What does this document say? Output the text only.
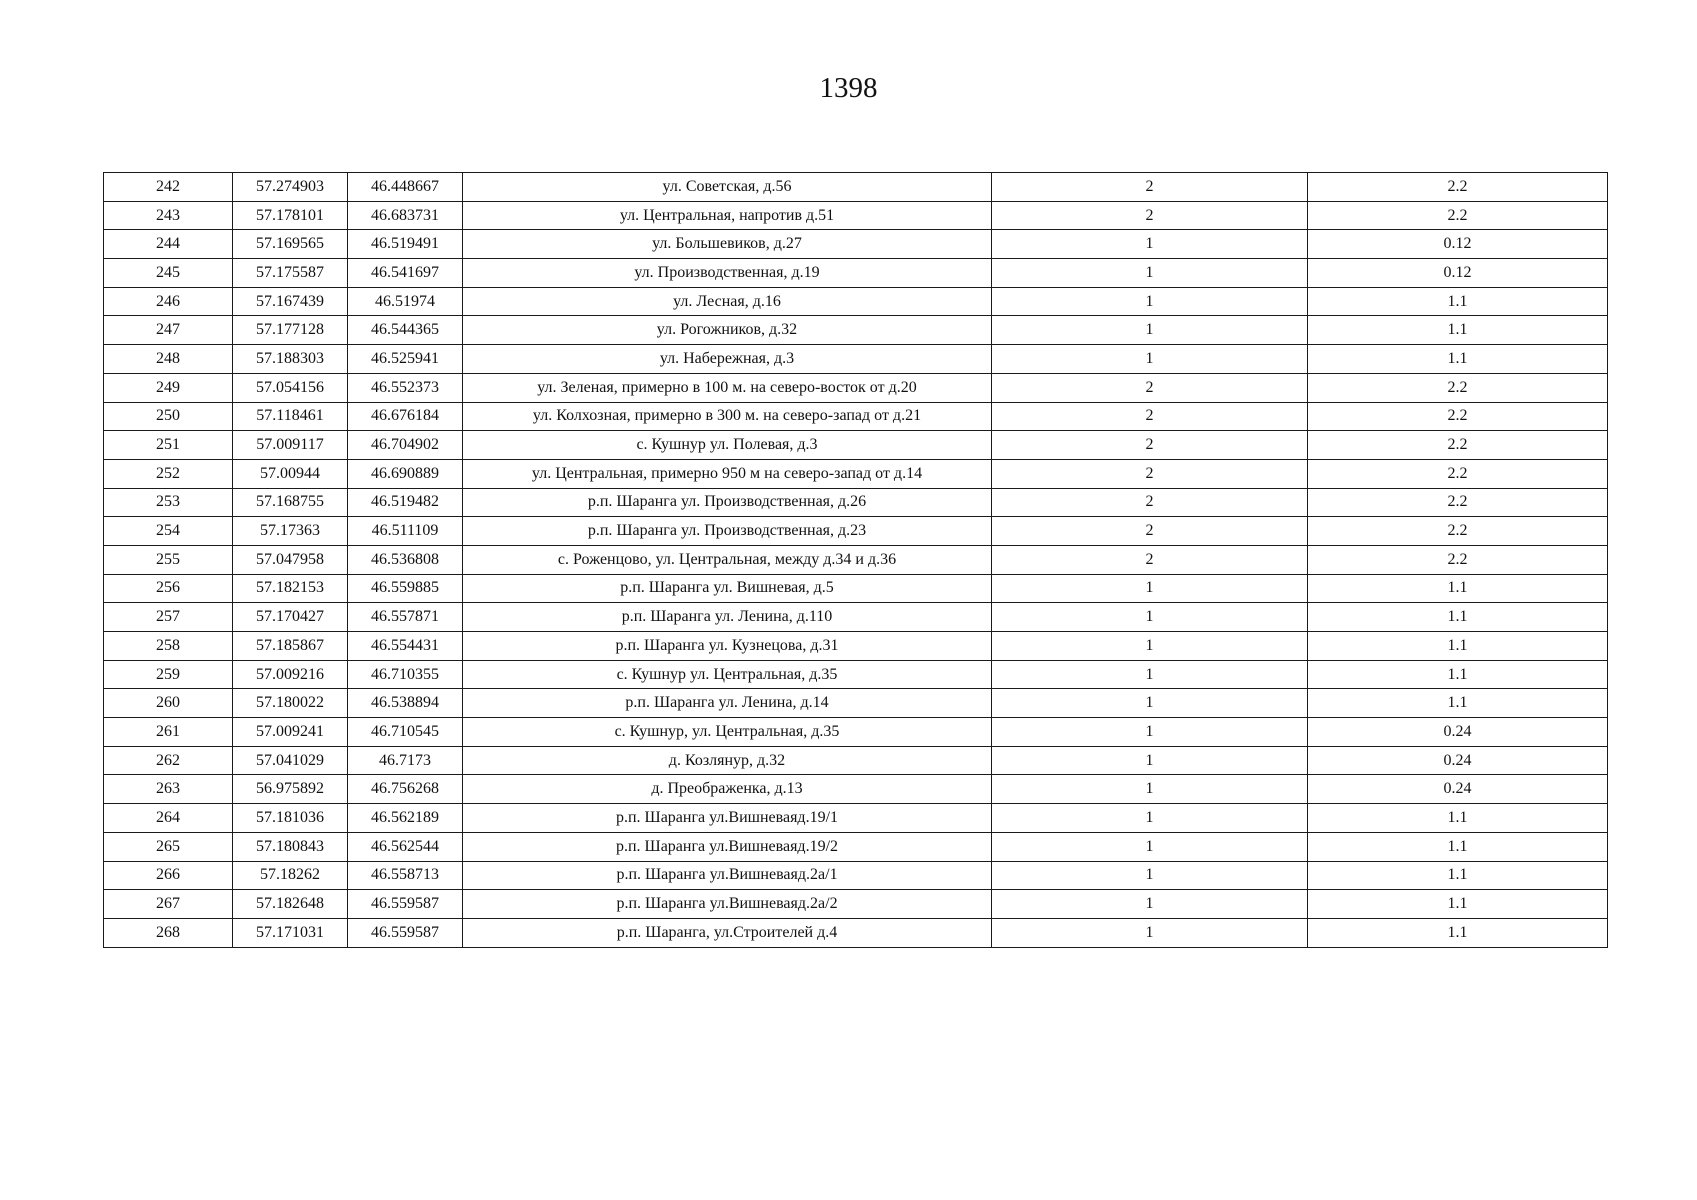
1398
242	57.274903	46.448667	ул. Советская, д.56	2	2.2
243	57.178101	46.683731	ул. Центральная, напротив д.51	2	2.2
244	57.169565	46.519491	ул. Большевиков, д.27	1	0.12
245	57.175587	46.541697	ул. Производственная, д.19	1	0.12
246	57.167439	46.51974	ул. Лесная, д.16	1	1.1
247	57.177128	46.544365	ул. Рогожников, д.32	1	1.1
248	57.188303	46.525941	ул. Набережная, д.3	1	1.1
249	57.054156	46.552373	ул. Зеленая, примерно в 100 м. на северо-восток от д.20	2	2.2
250	57.118461	46.676184	ул. Колхозная, примерно в 300 м. на северо-запад от д.21	2	2.2
251	57.009117	46.704902	с. Кушнур ул. Полевая, д.3	2	2.2
252	57.00944	46.690889	ул. Центральная, примерно 950 м на северо-запад от д.14	2	2.2
253	57.168755	46.519482	р.п. Шаранга ул. Производственная, д.26	2	2.2
254	57.17363	46.511109	р.п. Шаранга ул. Производственная, д.23	2	2.2
255	57.047958	46.536808	с. Роженцово, ул. Центральная, между д.34 и д.36	2	2.2
256	57.182153	46.559885	р.п. Шаранга ул. Вишневая, д.5	1	1.1
257	57.170427	46.557871	р.п. Шаранга ул. Ленина, д.110	1	1.1
258	57.185867	46.554431	р.п. Шаранга ул. Кузнецова, д.31	1	1.1
259	57.009216	46.710355	с. Кушнур ул. Центральная, д.35	1	1.1
260	57.180022	46.538894	р.п. Шаранга ул. Ленина, д.14	1	1.1
261	57.009241	46.710545	с. Кушнур, ул. Центральная, д.35	1	0.24
262	57.041029	46.7173	д. Козлянур, д.32	1	0.24
263	56.975892	46.756268	д. Преображенка, д.13	1	0.24
264	57.181036	46.562189	р.п. Шаранга ул.Вишневаяд.19/1	1	1.1
265	57.180843	46.562544	р.п. Шаранга ул.Вишневаяд.19/2	1	1.1
266	57.18262	46.558713	р.п. Шаранга ул.Вишневаяд.2а/1	1	1.1
267	57.182648	46.559587	р.п. Шаранга ул.Вишневаяд.2а/2	1	1.1
268	57.171031	46.559587	р.п. Шаранга, ул.Строителей д.4	1	1.1
